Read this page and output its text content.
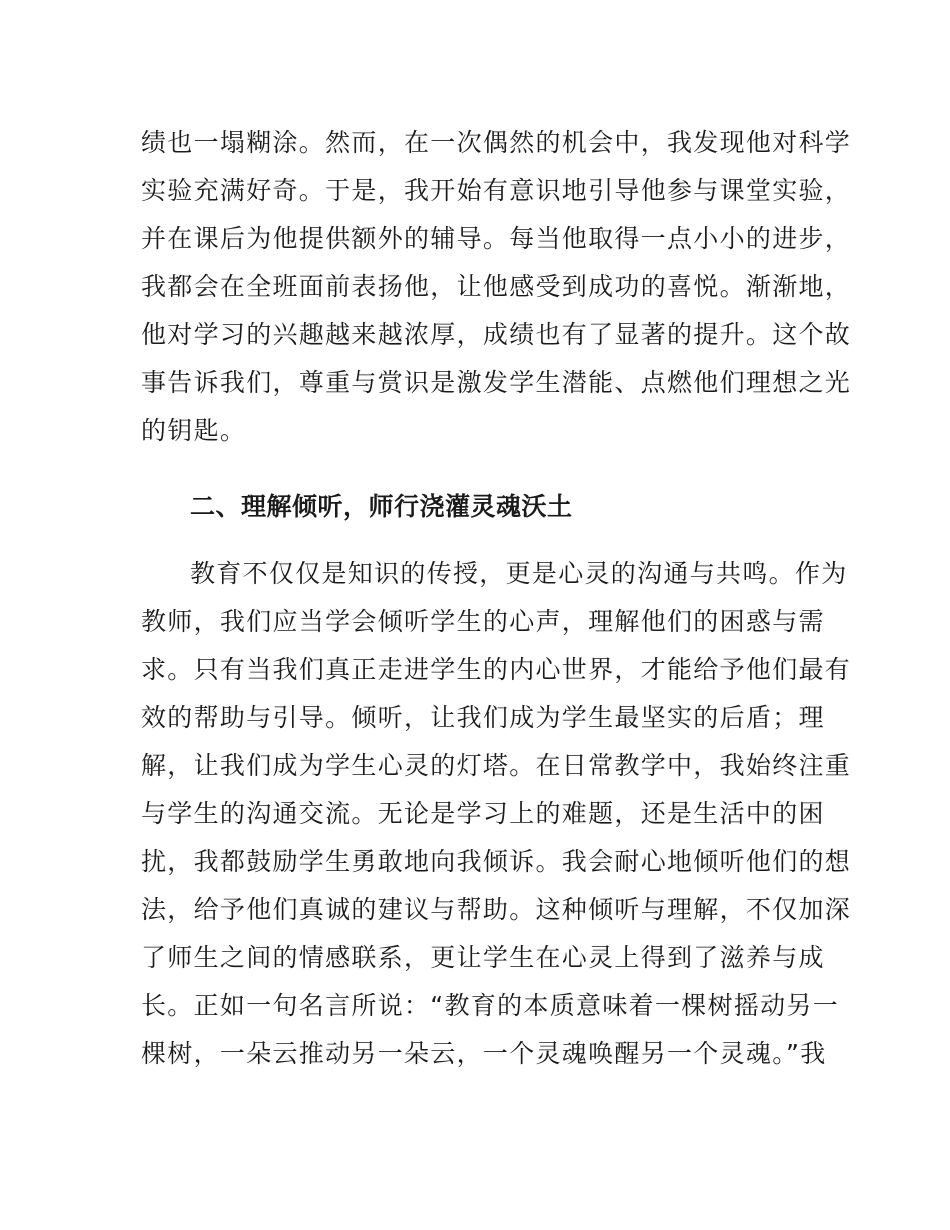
绩也一塌糊涂。然而，在一次偶然的机会中，我发现他对科学
实验充满好奇。于是，我开始有意识地引导他参与课堂实验，
并在课后为他提供额外的辅导。每当他取得一点小小的进步，
我都会在全班面前表扬他，让他感受到成功的喜悦。渐渐地，
他对学习的兴趣越来越浓厚，成绩也有了显著的提升。这个故
事告诉我们，尊重与赏识是激发学生潜能、点燃他们理想之光
的钥匙。
二、理解倾听，师行浇灌灵魂沃土
教育不仅仅是知识的传授，更是心灵的沟通与共鸣。作为
教师，我们应当学会倾听学生的心声，理解他们的困惑与需
求。只有当我们真正走进学生的内心世界，才能给予他们最有
效的帮助与引导。倾听，让我们成为学生最坚实的后盾；理
解，让我们成为学生心灵的灯塔。在日常教学中，我始终注重
与学生的沟通交流。无论是学习上的难题，还是生活中的困
扰，我都鼓励学生勇敢地向我倾诉。我会耐心地倾听他们的想
法，给予他们真诚的建议与帮助。这种倾听与理解，不仅加深
了师生之间的情感联系，更让学生在心灵上得到了滋养与成
长。正如一句名言所说：“教育的本质意味着一棵树摇动另一
棵树，一朵云推动另一朵云，一个灵魂唤醒另一个灵魂。”我
